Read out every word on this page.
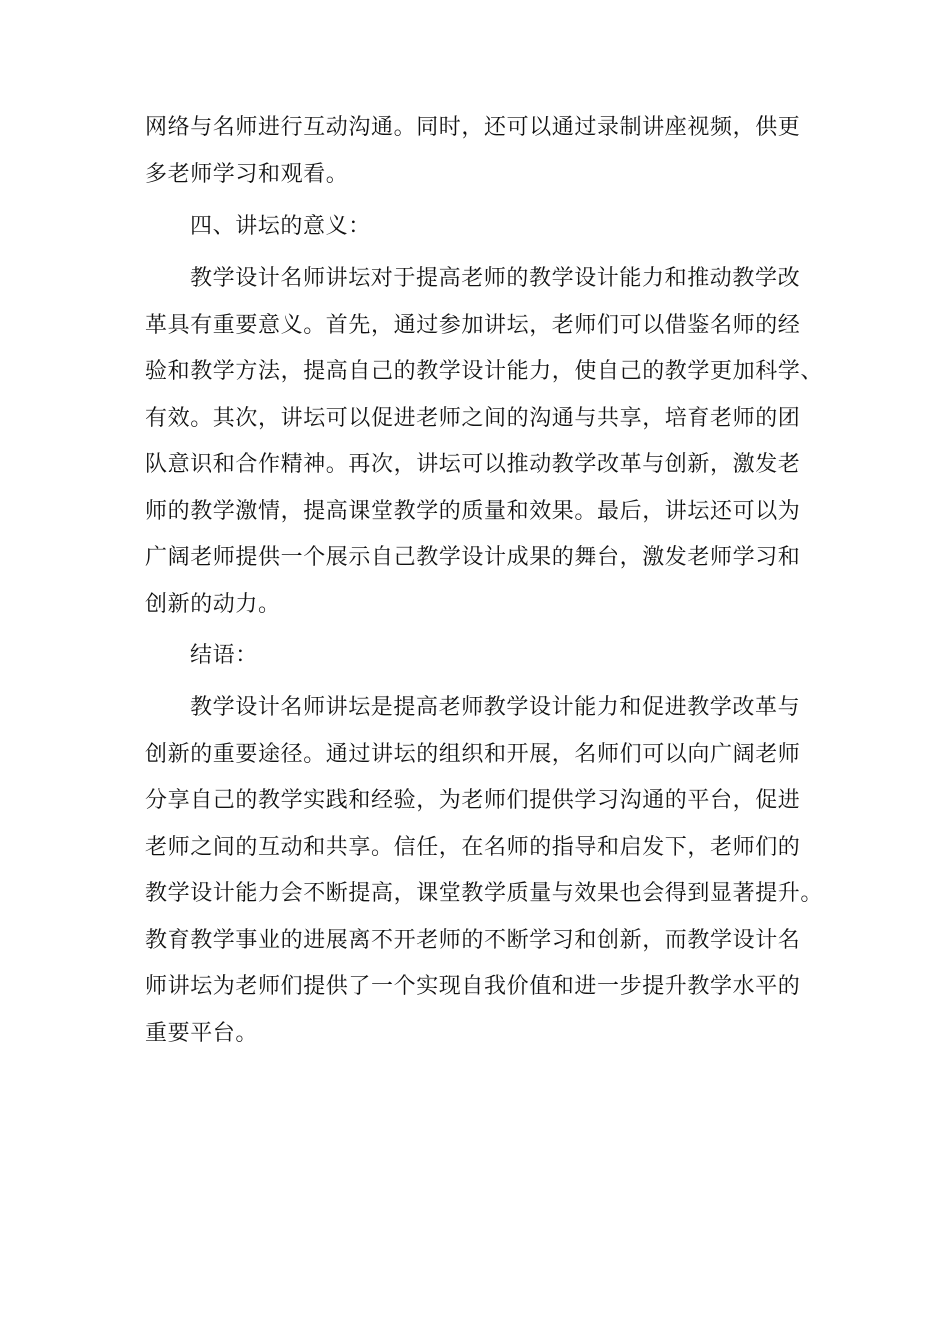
网络与名师进行互动沟通。同时，还可以通过录制讲座视频，供更
多老师学习和观看。
四、讲坛的意义：
教学设计名师讲坛对于提高老师的教学设计能力和推动教学改
革具有重要意义。首先，通过参加讲坛，老师们可以借鉴名师的经
验和教学方法，提高自己的教学设计能力，使自己的教学更加科学、
有效。其次，讲坛可以促进老师之间的沟通与共享，培育老师的团
队意识和合作精神。再次，讲坛可以推动教学改革与创新，激发老
师的教学激情，提高课堂教学的质量和效果。最后，讲坛还可以为
广阔老师提供一个展示自己教学设计成果的舞台，激发老师学习和
创新的动力。
结语：
教学设计名师讲坛是提高老师教学设计能力和促进教学改革与
创新的重要途径。通过讲坛的组织和开展，名师们可以向广阔老师
分享自己的教学实践和经验，为老师们提供学习沟通的平台，促进
老师之间的互动和共享。信任，在名师的指导和启发下，老师们的
教学设计能力会不断提高，课堂教学质量与效果也会得到显著提升。
教育教学事业的进展离不开老师的不断学习和创新，而教学设计名
师讲坛为老师们提供了一个实现自我价值和进一步提升教学水平的
重要平台。
